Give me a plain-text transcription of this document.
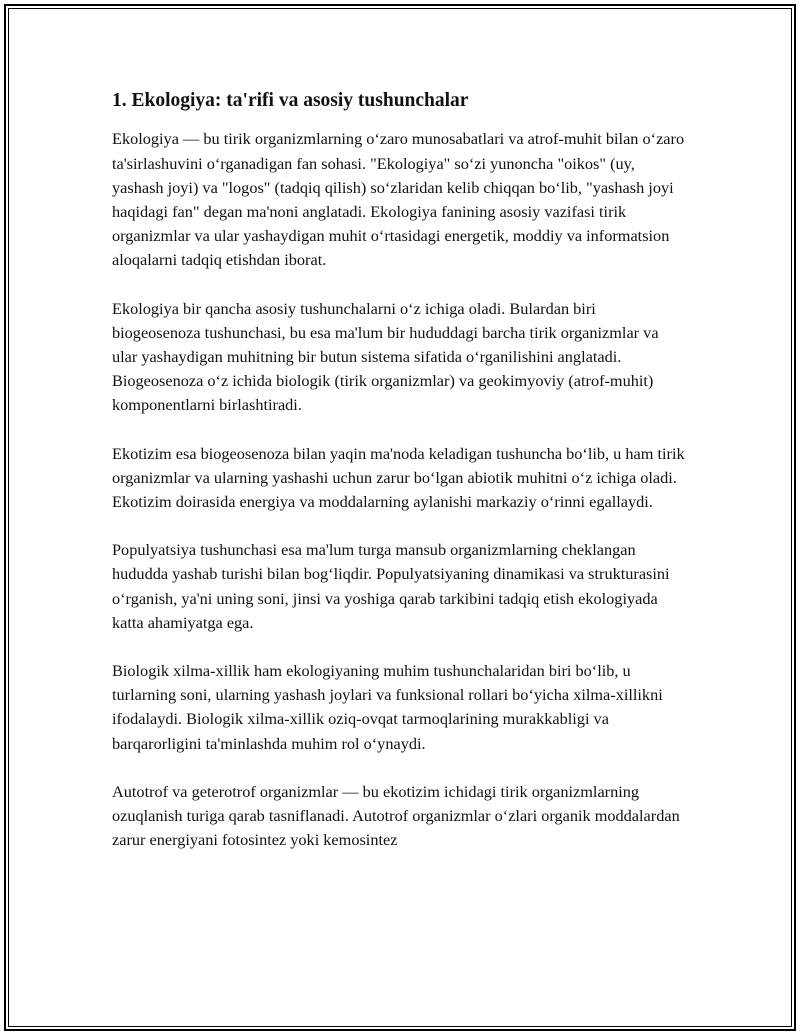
1. Ekologiya: ta'rifi va asosiy tushunchalar

Ekologiya — bu tirik organizmlarning o‘zaro munosabatlari va atrof-muhit bilan o‘zaro ta'sirlashuvini o‘rganadigan fan sohasi. "Ekologiya" so‘zi yunoncha "oikos" (uy, yashash joyi) va "logos" (tadqiq qilish) so‘zlaridan kelib chiqqan bo‘lib, "yashash joyi haqidagi fan" degan ma'noni anglatadi. Ekologiya fanining asosiy vazifasi tirik organizmlar va ular yashaydigan muhit o‘rtasidagi energetik, moddiy va informatsion aloqalarni tadqiq etishdan iborat.

Ekologiya bir qancha asosiy tushunchalarni o‘z ichiga oladi. Bulardan biri biogeosenoza tushunchasi, bu esa ma'lum bir hududdagi barcha tirik organizmlar va ular yashaydigan muhitning bir butun sistema sifatida o‘rganilishini anglatadi. Biogeosenoza o‘z ichida biologik (tirik organizmlar) va geokimyoviy (atrof-muhit) komponentlarni birlashtiradi.

Ekotizim esa biogeosenoza bilan yaqin ma'noda keladigan tushuncha bo‘lib, u ham tirik organizmlar va ularning yashashi uchun zarur bo‘lgan abiotik muhitni o‘z ichiga oladi. Ekotizim doirasida energiya va moddalarning aylanishi markaziy o‘rinni egallaydi.

Populyatsiya tushunchasi esa ma'lum turga mansub organizmlarning cheklangan hududda yashab turishi bilan bog‘liqdir. Populyatsiyaning dinamikasi va strukturasini o‘rganish, ya'ni uning soni, jinsi va yoshiga qarab tarkibini tadqiq etish ekologiyada katta ahamiyatga ega.

Biologik xilma-xillik ham ekologiyaning muhim tushunchalaridan biri bo‘lib, u turlarning soni, ularning yashash joylari va funksional rollari bo‘yicha xilma-xillikni ifodalaydi. Biologik xilma-xillik oziq-ovqat tarmoqlarining murakkabligi va barqarorligini ta'minlashda muhim rol o‘ynaydi.

Autotrof va geterotrof organizmlar — bu ekotizim ichidagi tirik organizmlarning ozuqlanish turiga qarab tasniflanadi. Autotrof organizmlar o‘zlari organik moddalardan zarur energiyani fotosintez yoki kemosintez
